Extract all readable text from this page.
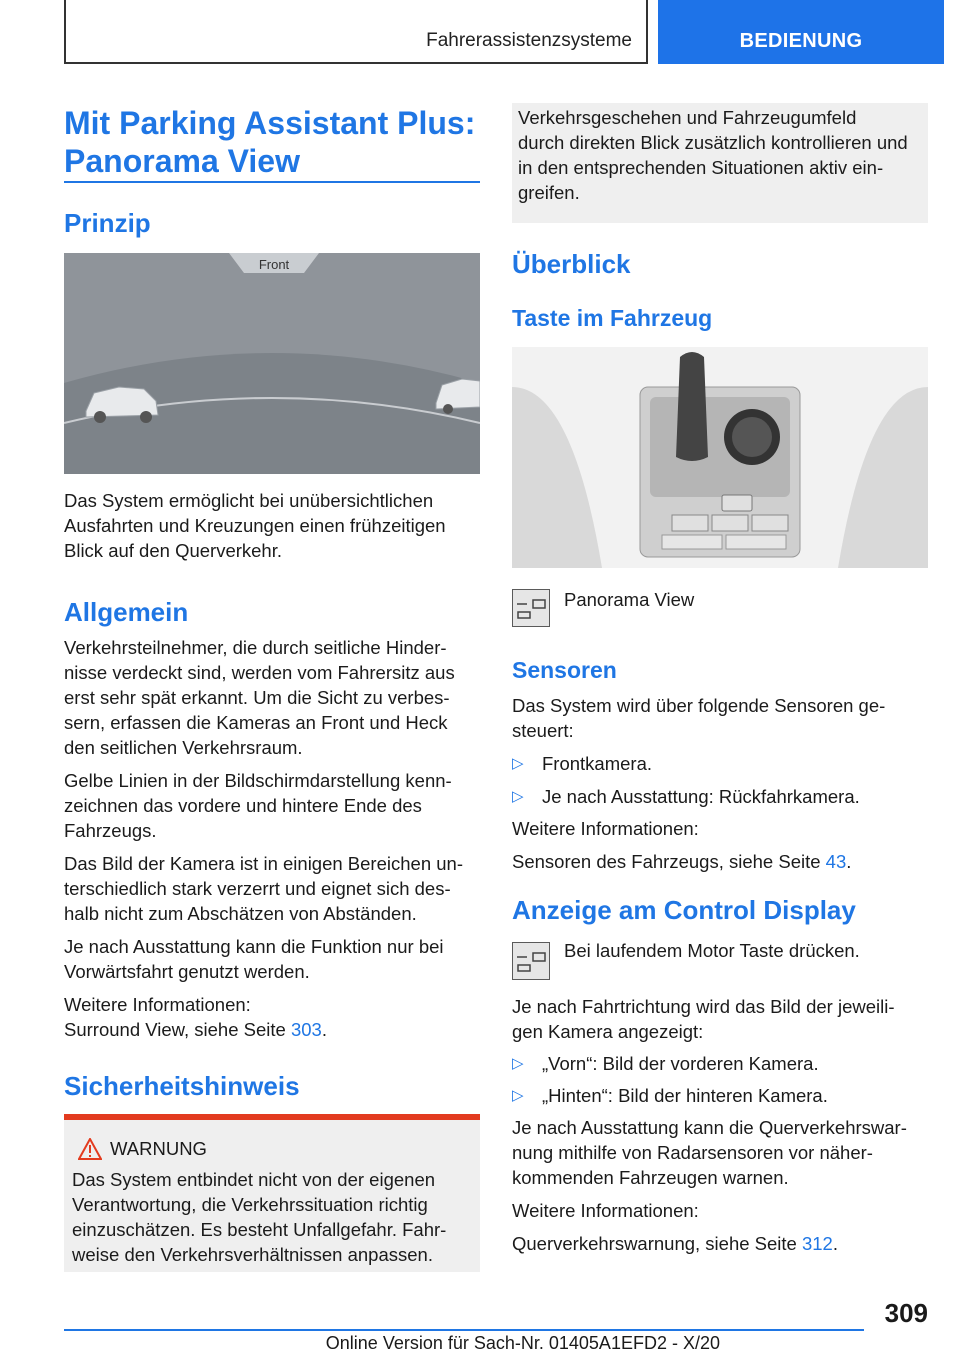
Fahrerassistenzsysteme	BEDIENUNG
Mit Parking Assistant Plus:
Panorama View
Prinzip
Front
Das System ermöglicht bei unübersichtlichen
Ausfahrten und Kreuzungen einen frühzeitigen
Blick auf den Querverkehr.
Allgemein
Verkehrsteilnehmer, die durch seitliche Hinder-
nisse verdeckt sind, werden vom Fahrersitz aus
erst sehr spät erkannt. Um die Sicht zu verbes-
sern, erfassen die Kameras an Front und Heck
den seitlichen Verkehrsraum.
Gelbe Linien in der Bildschirmdarstellung kenn-
zeichnen das vordere und hintere Ende des
Fahrzeugs.
Das Bild der Kamera ist in einigen Bereichen un-
terschiedlich stark verzerrt und eignet sich des-
halb nicht zum Abschätzen von Abständen.
Je nach Ausstattung kann die Funktion nur bei
Vorwärtsfahrt genutzt werden.
Weitere Informationen:
Surround View, siehe Seite 303.
Sicherheitshinweis
WARNUNG
Das System entbindet nicht von der eigenen
Verantwortung, die Verkehrssituation richtig
einzuschätzen. Es besteht Unfallgefahr. Fahr-
weise den Verkehrsverhältnissen anpassen.
Verkehrsgeschehen und Fahrzeugumfeld
durch direkten Blick zusätzlich kontrollieren und
in den entsprechenden Situationen aktiv ein-
greifen.
Überblick
Taste im Fahrzeug
Panorama View
Sensoren
Das System wird über folgende Sensoren ge-
steuert:
▷ Frontkamera.
▷ Je nach Ausstattung: Rückfahrkamera.
Weitere Informationen:
Sensoren des Fahrzeugs, siehe Seite 43.
Anzeige am Control Display
Bei laufendem Motor Taste drücken.
Je nach Fahrtrichtung wird das Bild der jeweili-
gen Kamera angezeigt:
▷ „Vorn“: Bild der vorderen Kamera.
▷ „Hinten“: Bild der hinteren Kamera.
Je nach Ausstattung kann die Querverkehrswar-
nung mithilfe von Radarsensoren vor näher-
kommenden Fahrzeugen warnen.
Weitere Informationen:
Querverkehrswarnung, siehe Seite 312.
309
Online Version für Sach-Nr. 01405A1EFD2 - X/20
